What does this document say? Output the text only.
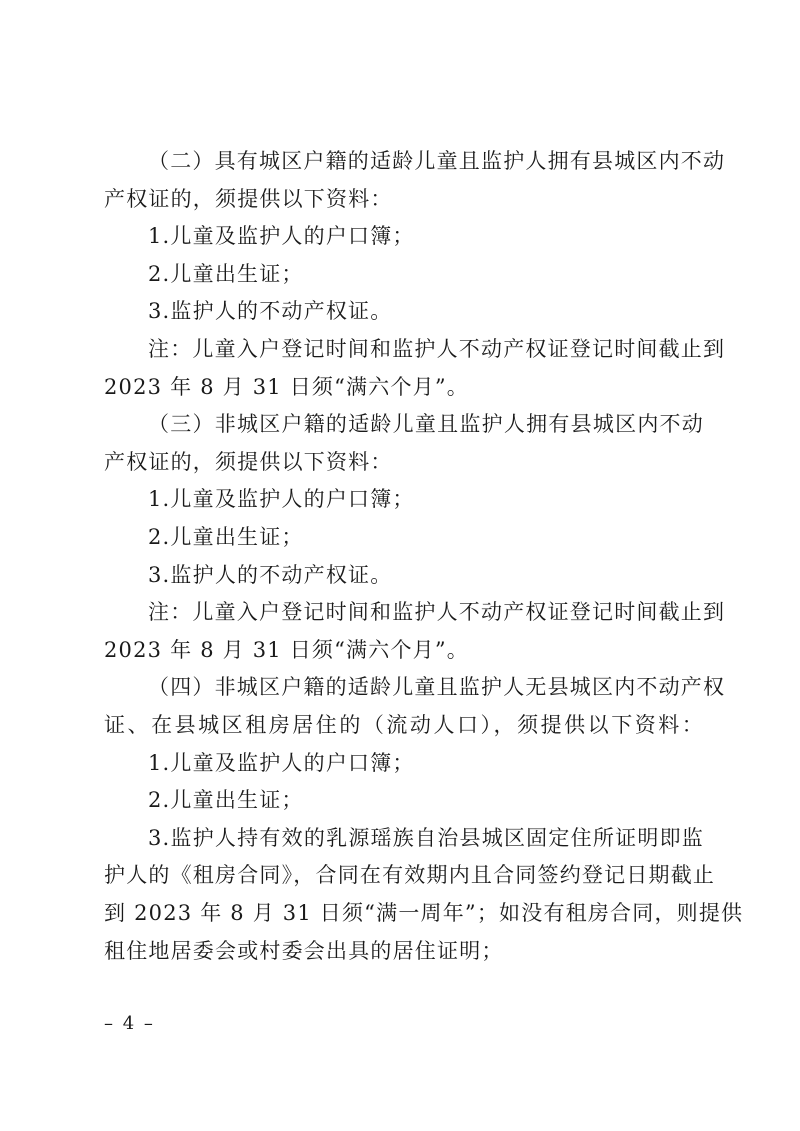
– 4 –
（二）具有城区户籍的适龄儿童且监护人拥有县城区内不动
产权证的，须提供以下资料：
1.儿童及监护人的户口簿；
2.儿童出生证；
3.监护人的不动产权证。
注：儿童入户登记时间和监护人不动产权证登记时间截止到
2023 年 8 月 31 日须“满六个月”。
（三）非城区户籍的适龄儿童且监护人拥有县城区内不动
产权证的，须提供以下资料：
1.儿童及监护人的户口簿；
2.儿童出生证；
3.监护人的不动产权证。
注：儿童入户登记时间和监护人不动产权证登记时间截止到
2023 年 8 月 31 日须“满六个月”。
（四）非城区户籍的适龄儿童且监护人无县城区内不动产权
证、在县城区租房居住的（流动人口），须提供以下资料：
1.儿童及监护人的户口簿；
2.儿童出生证；
3.监护人持有效的乳源瑶族自治县城区固定住所证明即监
护人的《租房合同》，合同在有效期内且合同签约登记日期截止
到 2023 年 8 月 31 日须“满一周年”；如没有租房合同，则提供
租住地居委会或村委会出具的居住证明；
